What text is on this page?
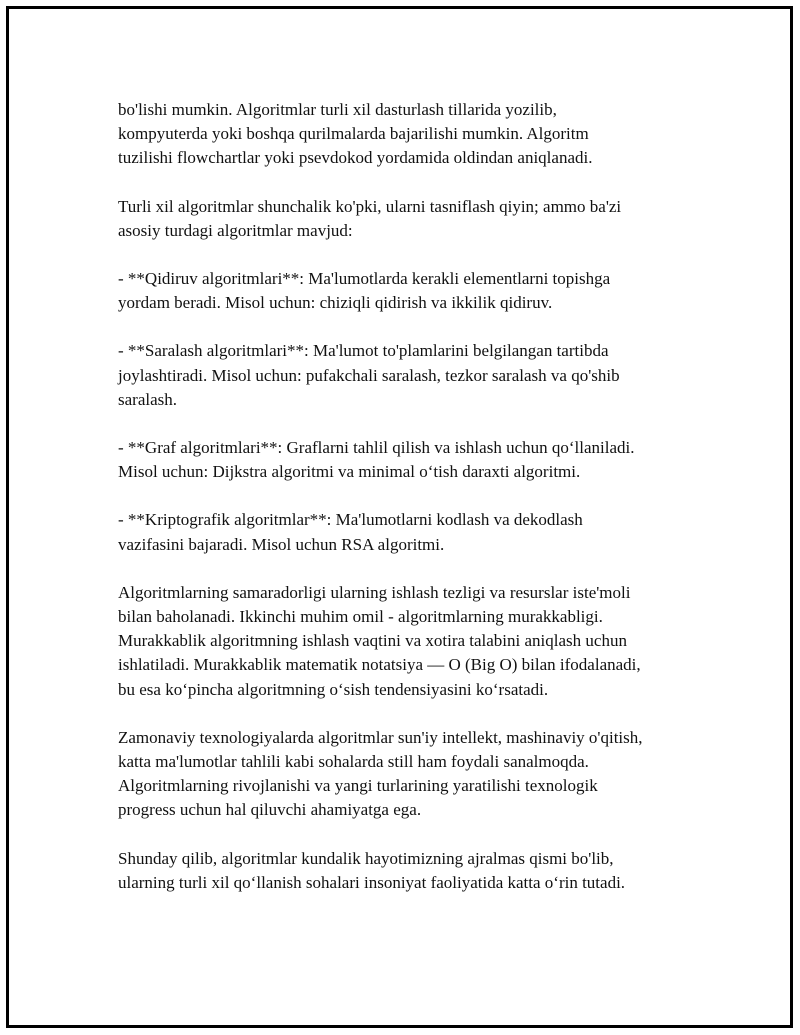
bo'lishi mumkin. Algoritmlar turli xil dasturlash tillarida yozilib,
kompyuterda yoki boshqa qurilmalarda bajarilishi mumkin. Algoritm
tuzilishi flowchartlar yoki psevdokod yordamida oldindan aniqlanadi.

Turli xil algoritmlar shunchalik ko'pki, ularni tasniflash qiyin; ammo ba'zi
asosiy turdagi algoritmlar mavjud:

- **Qidiruv algoritmlari**: Ma'lumotlarda kerakli elementlarni topishga
yordam beradi. Misol uchun: chiziqli qidirish va ikkilik qidiruv.

- **Saralash algoritmlari**: Ma'lumot to'plamlarini belgilangan tartibda
joylashtiradi. Misol uchun: pufakchali saralash, tezkor saralash va qo'shib
saralash.

- **Graf algoritmlari**: Graflarni tahlil qilish va ishlash uchun qo‘llaniladi.
Misol uchun: Dijkstra algoritmi va minimal o‘tish daraxti algoritmi.

- **Kriptografik algoritmlar**: Ma'lumotlarni kodlash va dekodlash
vazifasini bajaradi. Misol uchun RSA algoritmi.

Algoritmlarning samaradorligi ularning ishlash tezligi va resurslar iste'moli
bilan baholanadi. Ikkinchi muhim omil - algoritmlarning murakkabligi.
Murakkablik algoritmning ishlash vaqtini va xotira talabini aniqlash uchun
ishlatiladi. Murakkablik matematik notatsiya — O (Big O) bilan ifodalanadi,
bu esa ko‘pincha algoritmning o‘sish tendensiyasini ko‘rsatadi.

Zamonaviy texnologiyalarda algoritmlar sun'iy intellekt, mashinaviy o'qitish,
katta ma'lumotlar tahlili kabi sohalarda still ham foydali sanalmoqda.
Algoritmlarning rivojlanishi va yangi turlarining yaratilishi texnologik
progress uchun hal qiluvchi ahamiyatga ega.

Shunday qilib, algoritmlar kundalik hayotimizning ajralmas qismi bo'lib,
ularning turli xil qo‘llanish sohalari insoniyat faoliyatida katta o‘rin tutadi.
